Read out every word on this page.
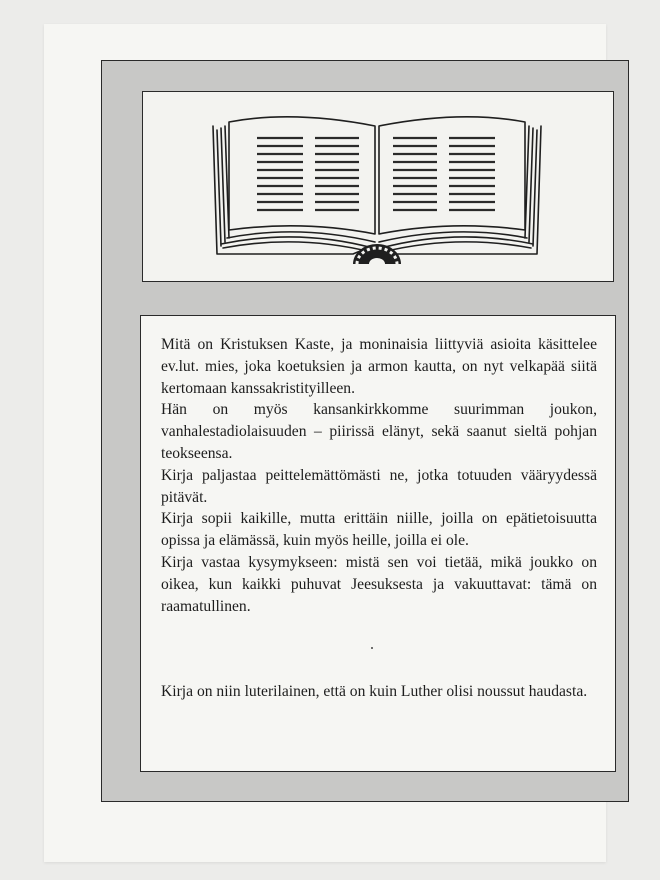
Mitä on Kristuksen Kaste, ja moninaisia liittyviä asioita käsittelee ev.lut. mies, joka koetuksien ja armon kautta, on nyt velkapää siitä kertomaan kanssakristityilleen.

Hän on myös kansankirkkomme suurimman joukon, vanhalestadiolaisuuden – piirissä elänyt, sekä saanut sieltä pohjan teokseensa.

Kirja paljastaa peittelemättömästi ne, jotka totuuden vääryydessä pitävät.

Kirja sopii kaikille, mutta erittäin niille, joilla on epätietoisuutta opissa ja elämässä, kuin myös heille, joilla ei ole.

Kirja vastaa kysymykseen: mistä sen voi tietää, mikä joukko on oikea, kun kaikki puhuvat Jeesuksesta ja vakuuttavat: tämä on raamatullinen.

Kirja on niin luterilainen, että on kuin Luther olisi noussut haudasta.
